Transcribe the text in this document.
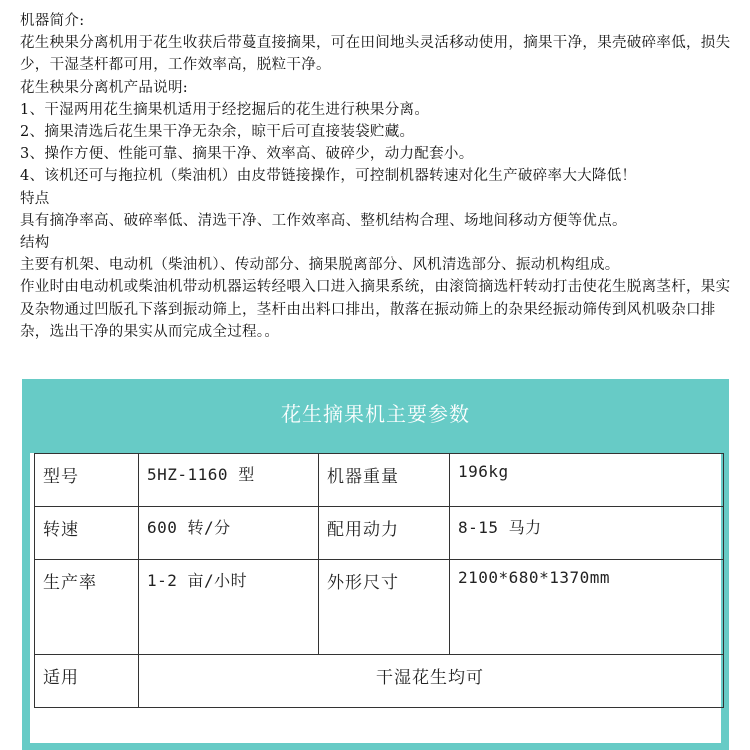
机器简介:

花生秧果分离机用于花生收获后带蔓直接摘果，可在田间地头灵活移动使用，摘果干净，果壳破碎率低，损失少，干湿茎杆都可用，工作效率高，脱粒干净。

花生秧果分离机产品说明:

1、干湿两用花生摘果机适用于经挖掘后的花生进行秧果分离。

2、摘果清选后花生果干净无杂余，晾干后可直接装袋贮藏。

3、操作方便、性能可靠、摘果干净、效率高、破碎少，动力配套小。

4、该机还可与拖拉机（柴油机）由皮带链接操作，可控制机器转速对化生产破碎率大大降低！

特点

具有摘净率高、破碎率低、清选干净、工作效率高、整机结构合理、场地间移动方便等优点。

结构

主要有机架、电动机（柴油机）、传动部分、摘果脱离部分、风机清选部分、振动机构组成。

作业时由电动机或柴油机带动机器运转经喂入口进入摘果系统，由滚筒摘选杆转动打击使花生脱离茎杆，果实及杂物通过凹版孔下落到振动筛上，茎杆由出料口排出，散落在振动筛上的杂果经振动筛传到风机吸杂口排杂，选出干净的果实从而完成全过程。。

花生摘果机主要参数
型号	5HZ-1160 型	机器重量	196kg
转速	600 转/分	配用动力	8-15 马力
生产率	1-2 亩/小时	外形尺寸	2100*680*1370mm
适用	干湿花生均可		
